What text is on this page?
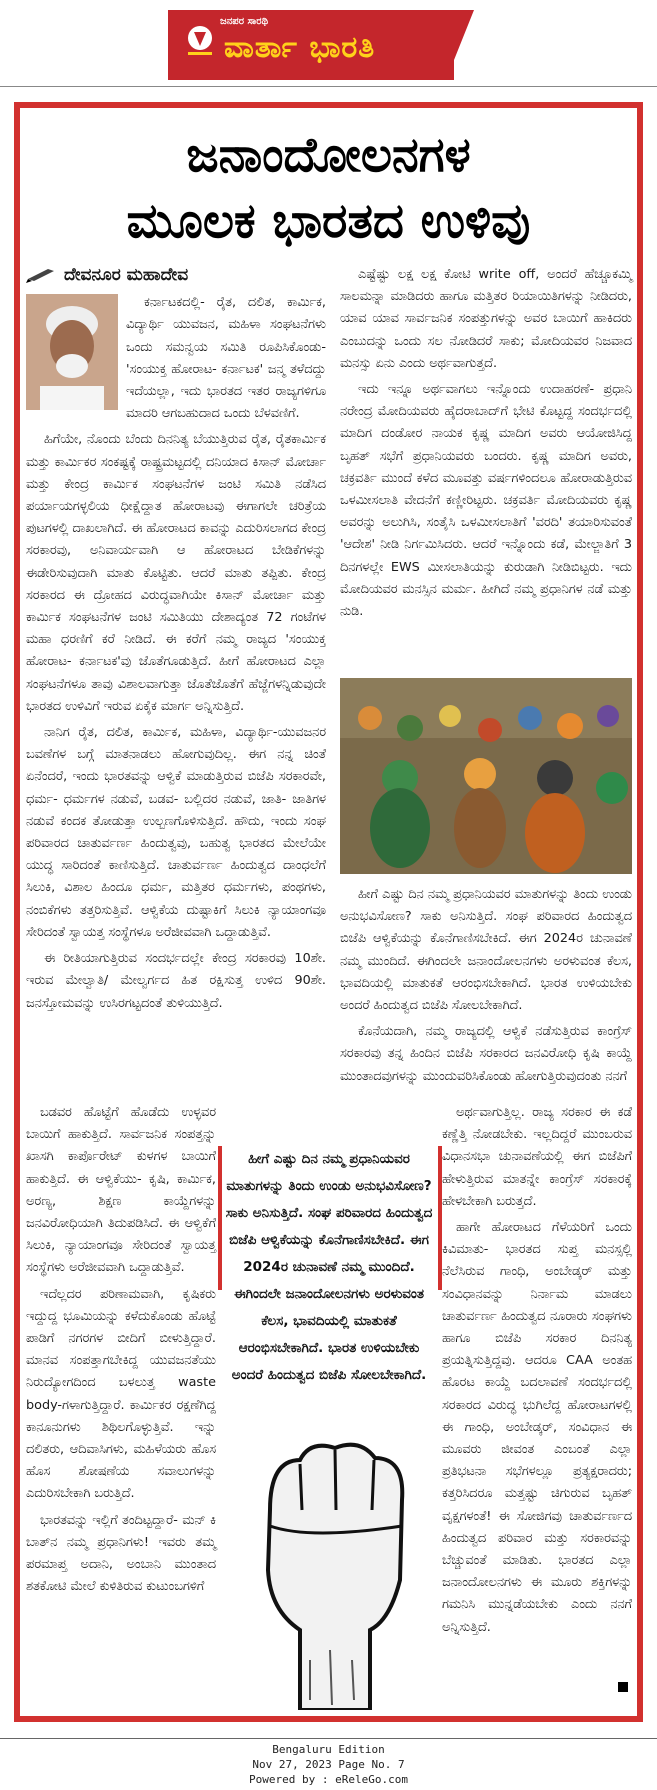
ಜನಪರ ಸಾರಥಿ
ವಾರ್ತಾ ಭಾರತಿ
ಜನಾಂದೋಲನಗಳ
ಮೂಲಕ ಭಾರತದ ಉಳಿವು
ದೇವನೂರ ಮಹಾದೇವ

ಕರ್ನಾಟಕದಲ್ಲಿ- ರೈತ, ದಲಿತ, ಕಾರ್ಮಿಕ, ವಿದ್ಯಾರ್ಥಿ ಯುವಜನ, ಮಹಿಳಾ ಸಂಘಟನೆಗಳು ಒಂದು ಸಮನ್ವಯ ಸಮಿತಿ ರೂಪಿಸಿಕೊಂಡು- 'ಸಂಯುಕ್ತ ಹೋರಾಟ- ಕರ್ನಾಟಕ' ಜನ್ಮ ತಳೆದದ್ದು ಇದೆಯಲ್ಲಾ, ಇದು ಭಾರತದ ಇತರ ರಾಜ್ಯಗಳಿಗೂ ಮಾದರಿ ಆಗಬಹುದಾದ ಒಂದು ಬೆಳವಣಿಗೆ.

ಹಿಗೆಯೇ, ನೊಂದು ಬೆಂದು ದಿನನಿತ್ಯ ಬೆಯುತ್ತಿರುವ ರೈತ, ರೈತಕಾರ್ಮಿಕ ಮತ್ತು ಕಾರ್ಮಿಕರ ಸಂಕಷ್ಟಕ್ಕೆ ರಾಷ್ಟ್ರಮಟ್ಟದಲ್ಲಿ ದನಿಯಾದ ಕಿಸಾನ್ ಮೋರ್ಚಾ ಮತ್ತು ಕೇಂದ್ರ ಕಾರ್ಮಿಕ ಸಂಘಟನೆಗಳ ಜಂಟಿ ಸಮಿತಿ ನಡೆಸಿದ ಪರ್ಯಾಯಗಳ್ಳಲಿಯ ಧೀಕ್ಷೆದ್ದಾತ ಹೋರಾಟವು ಈಗಾಗಲೇ ಚರಿತ್ರೆಯ ಪುಟಗಳಲ್ಲಿ ದಾಖಲಾಗಿದೆ. ಈ ಹೋರಾಟದ ಕಾವನ್ನು ಎದುರಿಸಲಾಗದ ಕೇಂದ್ರ ಸರಕಾರವು, ಅನಿವಾರ್ಯವಾಗಿ ಆ ಹೋರಾಟದ ಬೇಡಿಕೆಗಳನ್ನು ಈಡೇರಿಸುವುದಾಗಿ ಮಾತು ಕೊಟ್ಟಿತು. ಆದರೆ ಮಾತು ತಪ್ಪಿತು. ಕೇಂದ್ರ ಸರಕಾರದ ಈ ದ್ರೋಹದ ವಿರುದ್ಧವಾಗಿಯೇ ಕಿಸಾನ್ ಮೋರ್ಚಾ ಮತ್ತು ಕಾರ್ಮಿಕ ಸಂಘಟನೆಗಳ ಜಂಟಿ ಸಮಿತಿಯು ದೇಶಾದ್ಯಂತ 72 ಗಂಟೆಗಳ ಮಹಾ ಧರಣಿಗೆ ಕರೆ ನೀಡಿದೆ. ಈ ಕರೆಗೆ ನಮ್ಮ ರಾಜ್ಯದ 'ಸಂಯುಕ್ತ ಹೋರಾಟ- ಕರ್ನಾಟಕ'ವು ಜೊತೆಗೂಡುತ್ತಿದೆ. ಹೀಗೆ ಹೋರಾಟದ ಎಲ್ಲಾ ಸಂಘಟನೆಗಳೂ ತಾವು ವಿಶಾಲವಾಗುತ್ತಾ ಜೊತೆಜೊತೆಗೆ ಹೆಜ್ಜೆಗಳನ್ನಿಡುವುದೇ ಭಾರತದ ಉಳಿವಿಗೆ ಇರುವ ಏಕೈಕ ಮಾರ್ಗ ಅನ್ನಿಸುತ್ತಿದೆ.

ನಾನಿಗ ರೈತ, ದಲಿತ, ಕಾರ್ಮಿಕ, ಮಹಿಳಾ, ವಿದ್ಯಾರ್ಥಿ-ಯುವಜನರ ಬವಣೆಗಳ ಬಗ್ಗೆ ಮಾತನಾಡಲು ಹೋಗುವುದಿಲ್ಲ. ಈಗ ನನ್ನ ಚಿಂತೆ ಏನೆಂದರೆ, ಇಂದು ಭಾರತವನ್ನು ಆಳ್ವಿಕೆ ಮಾಡುತ್ತಿರುವ ಬಿಜೆಪಿ ಸರಕಾರವೇ, ಧರ್ಮ- ಧರ್ಮಗಳ ನಡುವೆ, ಬಡವ- ಬಲ್ಲಿದರ ನಡುವೆ, ಜಾತಿ- ಜಾತಿಗಳ ನಡುವೆ ಕಂದಕ ತೋಡುತ್ತಾ ಉಲ್ಬಣಗೊಳಿಸುತ್ತಿದೆ. ಹೌದು, ಇಂದು ಸಂಘ ಪರಿವಾರದ ಚಾತುರ್ವರ್ಣ ಹಿಂದುತ್ವವು, ಬಹುತ್ವ ಭಾರತದ ಮೇಲೆಯೇ ಯುದ್ಧ ಸಾರಿದಂತೆ ಕಾಣಿಸುತ್ತಿದೆ. ಚಾತುರ್ವರ್ಣ ಹಿಂದುತ್ವದ ದಾಂಧಲೆಗೆ ಸಿಲುಕಿ, ವಿಶಾಲ ಹಿಂದೂ ಧರ್ಮ, ಮತ್ತಿತರ ಧರ್ಮಗಳು, ಪಂಥಗಳು, ನಂಬಿಕೆಗಳು ತತ್ತರಿಸುತ್ತಿವೆ. ಆಳ್ವಿಕೆಯ ದುಷ್ಟಾಕಿಗೆ ಸಿಲುಕಿ ನ್ಯಾಯಾಂಗವೂ ಸೇರಿದಂತೆ ಸ್ವಾಯತ್ತ ಸಂಸ್ಥೆಗಳೂ ಅರೆಜೀವವಾಗಿ ಒದ್ದಾಡುತ್ತಿವೆ.

ಈ ರೀತಿಯಾಗುತ್ತಿರುವ ಸಂದರ್ಭದಲ್ಲೇ ಕೇಂದ್ರ ಸರಕಾರವು 10ಶೇ. ಇರುವ ಮೇಲ್ವಾತಿ/ ಮೇಲ್ವರ್ಗದ ಹಿತ ರಕ್ಷಿಸುತ್ತ ಉಳಿದ 90ಶೇ. ಜನಸ್ತೋಮವನ್ನು ಉಸಿರಗಟ್ಟದಂತೆ ತುಳಿಯುತ್ತಿದೆ.

ಎಷ್ಟೆಷ್ಟು ಲಕ್ಷ ಲಕ್ಷ ಕೋಟಿ write off, ಅಂದರೆ ಹೆಚ್ಚೂಕಮ್ಮಿ ಸಾಲಮನ್ನಾ ಮಾಡಿದರು ಹಾಗೂ ಮತ್ತಿತರ ರಿಯಾಯಿತಿಗಳನ್ನು ನೀಡಿದರು, ಯಾವ ಯಾವ ಸಾರ್ವಜನಿಕ ಸಂಪತ್ತುಗಳನ್ನು ಅವರ ಬಾಯಿಗೆ ಹಾಕಿದರು ಎಂಬುದನ್ನು ಒಂದು ಸಲ ನೋಡಿದರೆ ಸಾಕು; ಮೋದಿಯವರ ನಿಜವಾದ ಮನಸ್ಸು ಏನು ಎಂದು ಅರ್ಥವಾಗುತ್ತದೆ.

ಇದು ಇನ್ನೂ ಅರ್ಥವಾಗಲು ಇನ್ನೊಂದು ಉದಾಹರಣೆ- ಪ್ರಧಾನಿ ನರೇಂದ್ರ ಮೋದಿಯವರು ಹೈದರಾಬಾದ್‌ಗೆ ಭೇಟಿ ಕೊಟ್ಟದ್ದ ಸಂದರ್ಭದಲ್ಲಿ ಮಾದಿಗ ದಂಡೋರ ನಾಯಕ ಕೃಷ್ಣ ಮಾದಿಗ ಅವರು ಆಯೋಜಿಸಿದ್ದ ಬೃಹತ್ ಸಭೆಗೆ ಪ್ರಧಾನಿಯವರು ಬಂದರು. ಕೃಷ್ಣ ಮಾದಿಗ ಅವರು, ಚಕ್ರವರ್ತಿ ಮುಂದೆ ಕಳೆದ ಮೂವತ್ತು ವರ್ಷಗಳಿಂದಲೂ ಹೋರಾಡುತ್ತಿರುವ ಒಳಮೀಸಲಾತಿ ವೇದನೆಗೆ ಕಣ್ಣೀರಿಟ್ಟರು. ಚಕ್ರವರ್ತಿ ಮೋದಿಯವರು ಕೃಷ್ಣ ಅವರನ್ನು ಅಲುಗಿಸಿ, ಸಂತೈಸಿ ಒಳಮೀಸಲಾತಿಗೆ 'ವರದಿ' ತಯಾರಿಸುವಂತೆ 'ಆದೇಶ' ನೀಡಿ ನಿರ್ಗಮಿಸಿದರು. ಆದರೆ ಇನ್ನೊಂದು ಕಡೆ, ಮೇಲ್ಜಾತಿಗೆ 3 ದಿನಗಳಲ್ಲೇ EWS ಮೀಸಲಾತಿಯನ್ನು ಕುರುಡಾಗಿ ನೀಡಿಬಿಟ್ಟರು. ಇದು ಮೋದಿಯವರ ಮನಸ್ಸಿನ ಮರ್ಮ. ಹೀಗಿದೆ ನಮ್ಮ ಪ್ರಧಾನಿಗಳ ನಡೆ ಮತ್ತು ನುಡಿ.

ಹೀಗೆ ಎಷ್ಟು ದಿನ ನಮ್ಮ ಪ್ರಧಾನಿಯವರ ಮಾತುಗಳನ್ನು ತಿಂದು ಉಂಡು ಅನುಭವಿಸೋಣ? ಸಾಕು ಅನಿಸುತ್ತಿದೆ. ಸಂಘ ಪರಿವಾರದ ಹಿಂದುತ್ವದ ಬಿಜೆಪಿ ಆಳ್ವಿಕೆಯನ್ನು ಕೊನೆಗಾಣಿಸಬೇಕಿದೆ. ಈಗ 2024ರ ಚುನಾವಣೆ ನಮ್ಮ ಮುಂದಿದೆ. ಈಗಿಂದಲೇ ಜನಾಂದೋಲನಗಳು ಅರಳುವಂತ ಕೆಲಸ, ಭಾವದಿಯಲ್ಲಿ ಮಾತುಕತೆ ಆರಂಭಿಸಬೇಕಾಗಿದೆ. ಭಾರತ ಉಳಿಯಬೇಕು ಅಂದರೆ ಹಿಂದುತ್ವದ ಬಿಜೆಪಿ ಸೋಲಬೇಕಾಗಿದೆ.

ಕೊನೆಯದಾಗಿ, ನಮ್ಮ ರಾಜ್ಯದಲ್ಲಿ ಆಳ್ವಿಕೆ ನಡೆಸುತ್ತಿರುವ ಕಾಂಗ್ರೆಸ್ ಸರಕಾರವು ತನ್ನ ಹಿಂದಿನ ಬಿಜೆಪಿ ಸರಕಾರದ ಜನವಿರೋಧಿ ಕೃಷಿ ಕಾಯ್ದೆ ಮುಂತಾದವುಗಳನ್ನು ಮುಂದುವರಿಸಿಕೊಂಡು ಹೋಗುತ್ತಿರುವುದಂತು ನನಗೆ

ಬಡವರ ಹೊಟ್ಟೆಗೆ ಹೊಡೆದು ಉಳ್ಳವರ ಬಾಯಿಗೆ ಹಾಕುತ್ತಿದೆ. ಸಾರ್ವಜನಿಕ ಸಂಪತ್ತನ್ನು ಖಾಸಗಿ ಕಾರ್ಪೊರೇಟ್ ಕುಳಗಳ ಬಾಯಿಗೆ ಹಾಕುತ್ತಿದೆ. ಈ ಆಳ್ವಿಕೆಯು- ಕೃಷಿ, ಕಾರ್ಮಿಕ, ಅರಣ್ಯ, ಶಿಕ್ಷಣ ಕಾಯ್ದೆಗಳನ್ನು ಜನವಿರೋಧಿಯಾಗಿ ತಿದುಪಡಿಸಿದೆ. ಈ ಆಳ್ವಿಕೆಗೆ ಸಿಲುಕಿ, ನ್ಯಾಯಾಂಗವೂ ಸೇರಿದಂತೆ ಸ್ವಾಯತ್ತ ಸಂಸ್ಥೆಗಳು ಅರೆಜೀವವಾಗಿ ಒದ್ದಾಡುತ್ತಿವೆ.

ಇದೆಲ್ಲದರ ಪರಿಣಾಮವಾಗಿ, ಕೃಷಿಕರು ಇದ್ದುದ್ದ ಭೂಮಿಯನ್ನು ಕಳೆದುಕೊಂಡು ಹೊಟ್ಟೆ ಪಾಡಿಗೆ ನಗರಗಳ ಬೀದಿಗೆ ಬೀಳುತ್ತಿದ್ದಾರೆ. ಮಾನವ ಸಂಪತ್ತಾಗಬೇಕಿದ್ದ ಯುವಜನತೆಯು ನಿರುದ್ಯೋಗದಿಂದ ಬಳಲುತ್ತ waste body-ಗಳಾಗುತ್ತಿದ್ದಾರೆ. ಕಾರ್ಮಿಕರ ರಕ್ಷಣೆಗಿದ್ದ ಕಾನೂನುಗಳು ಶಿಥಿಲಗೊಳ್ಳುತ್ತಿವೆ. ಇನ್ನು ದಲಿತರು, ಆದಿವಾಸಿಗಳು, ಮಹಿಳೆಯರು ಹೊಸ ಹೊಸ ಶೋಷಣೆಯ ಸವಾಲುಗಳನ್ನು ಎದುರಿಸಬೇಕಾಗಿ ಬರುತ್ತಿದೆ.

ಭಾರತವನ್ನು ಇಲ್ಲಿಗೆ ತಂದಿಟ್ಟದ್ದಾರೆ- ಮನ್ ಕಿ ಬಾತ್‌ನ ನಮ್ಮ ಪ್ರಧಾನಿಗಳು! ಇವರು ತಮ್ಮ ಪರಮಾಪ್ತ ಅದಾನಿ, ಅಂಬಾನಿ ಮುಂತಾದ ಶತಕೋಟಿ ಮೇಲೆ ಕುಳಿತಿರುವ ಕುಟುಂಬಗಳಿಗೆ

ಹೀಗೆ ಎಷ್ಟು ದಿನ ನಮ್ಮ ಪ್ರಧಾನಿಯವರ ಮಾತುಗಳನ್ನು ತಿಂದು ಉಂಡು ಅನುಭವಿಸೋಣ? ಸಾಕು ಅನಿಸುತ್ತಿದೆ. ಸಂಘ ಪರಿವಾರದ ಹಿಂದುತ್ವದ ಬಿಜೆಪಿ ಆಳ್ವಿಕೆಯನ್ನು ಕೊನೆಗಾಣಿಸಬೇಕಿದೆ. ಈಗ 2024ರ ಚುನಾವಣೆ ನಮ್ಮ ಮುಂದಿದೆ. ಈಗಿಂದಲೇ ಜನಾಂದೋಲನಗಳು ಅರಳುವಂತ ಕೆಲಸ, ಭಾವದಿಯಲ್ಲಿ ಮಾತುಕತೆ ಆರಂಭಿಸಬೇಕಾಗಿದೆ. ಭಾರತ ಉಳಿಯಬೇಕು ಅಂದರೆ ಹಿಂದುತ್ವದ ಬಿಜೆಪಿ ಸೋಲಬೇಕಾಗಿದೆ.

ಅರ್ಥವಾಗುತ್ತಿಲ್ಲ. ರಾಜ್ಯ ಸರಕಾರ ಈ ಕಡೆ ಕಣ್ಣೆತ್ತಿ ನೋಡಬೇಕು. ಇಲ್ಲದಿದ್ದರೆ ಮುಂಬರುವ ವಿಧಾನಸಭಾ ಚುನಾವಣೆಯಲ್ಲಿ ಈಗ ಬಿಜೆಪಿಗೆ ಹೇಳುತ್ತಿರುವ ಮಾತನ್ನೇ ಕಾಂಗ್ರೆಸ್ ಸರಕಾರಕ್ಕೆ ಹೇಳಬೇಕಾಗಿ ಬರುತ್ತದೆ.

ಹಾಗೇ ಹೋರಾಟದ ಗೆಳೆಯರಿಗೆ ಒಂದು ಕಿವಿಮಾತು- ಭಾರತದ ಸುಪ್ತ ಮನಸ್ಸಲ್ಲಿ ನೆಲೆಸಿರುವ ಗಾಂಧಿ, ಅಂಬೇಡ್ಕರ್ ಮತ್ತು ಸಂವಿಧಾನವನ್ನು ನಿರ್ನಾಮ ಮಾಡಲು ಚಾತುರ್ವರ್ಣ ಹಿಂದುತ್ವದ ನೂರಾರು ಸಂಘಗಳು ಹಾಗೂ ಬಿಜೆಪಿ ಸರಕಾರ ದಿನನಿತ್ಯ ಪ್ರಯತ್ನಿಸುತ್ತಿದ್ದವು. ಆದರೂ CAA ಅಂತಹ ಹೊರಟ ಕಾಯ್ದೆ ಬದಲಾವಣೆ ಸಂದರ್ಭದಲ್ಲಿ ಸರಕಾರದ ವಿರುದ್ಧ ಭುಗಿಲೆದ್ದ ಹೋರಾಟಗಳಲ್ಲಿ ಈ ಗಾಂಧಿ, ಅಂಬೇಡ್ಕರ್, ಸಂವಿಧಾನ ಈ ಮೂವರು ಜೀವಂತ ಎಂಬಂತೆ ಎಲ್ಲಾ ಪ್ರತಿಭಟನಾ ಸಭೆಗಳಲ್ಲೂ ಪ್ರತ್ಯಕ್ಷರಾದರು; ಕತ್ತರಿಸಿದರೂ ಮತ್ತಷ್ಟು ಚಿಗುರುವ ಬೃಹತ್ ವೃಕ್ಷಗಳಂತೆ! ಈ ಸೋಜಿಗವು ಚಾತುರ್ವರ್ಣದ ಹಿಂದುತ್ವದ ಪರಿವಾರ ಮತ್ತು ಸರಕಾರವನ್ನು ಬೆಚ್ಚುವಂತೆ ಮಾಡಿತು. ಭಾರತದ ಎಲ್ಲಾ ಜನಾಂದೋಲನಗಳು ಈ ಮೂರು ಶಕ್ತಿಗಳನ್ನು ಗಮನಿಸಿ ಮುನ್ನಡೆಯಬೇಕು ಎಂದು ನನಗೆ ಅನ್ನಿಸುತ್ತಿದೆ.

Bengaluru Edition
Nov 27, 2023 Page No. 7
Powered by : eReleGo.com
